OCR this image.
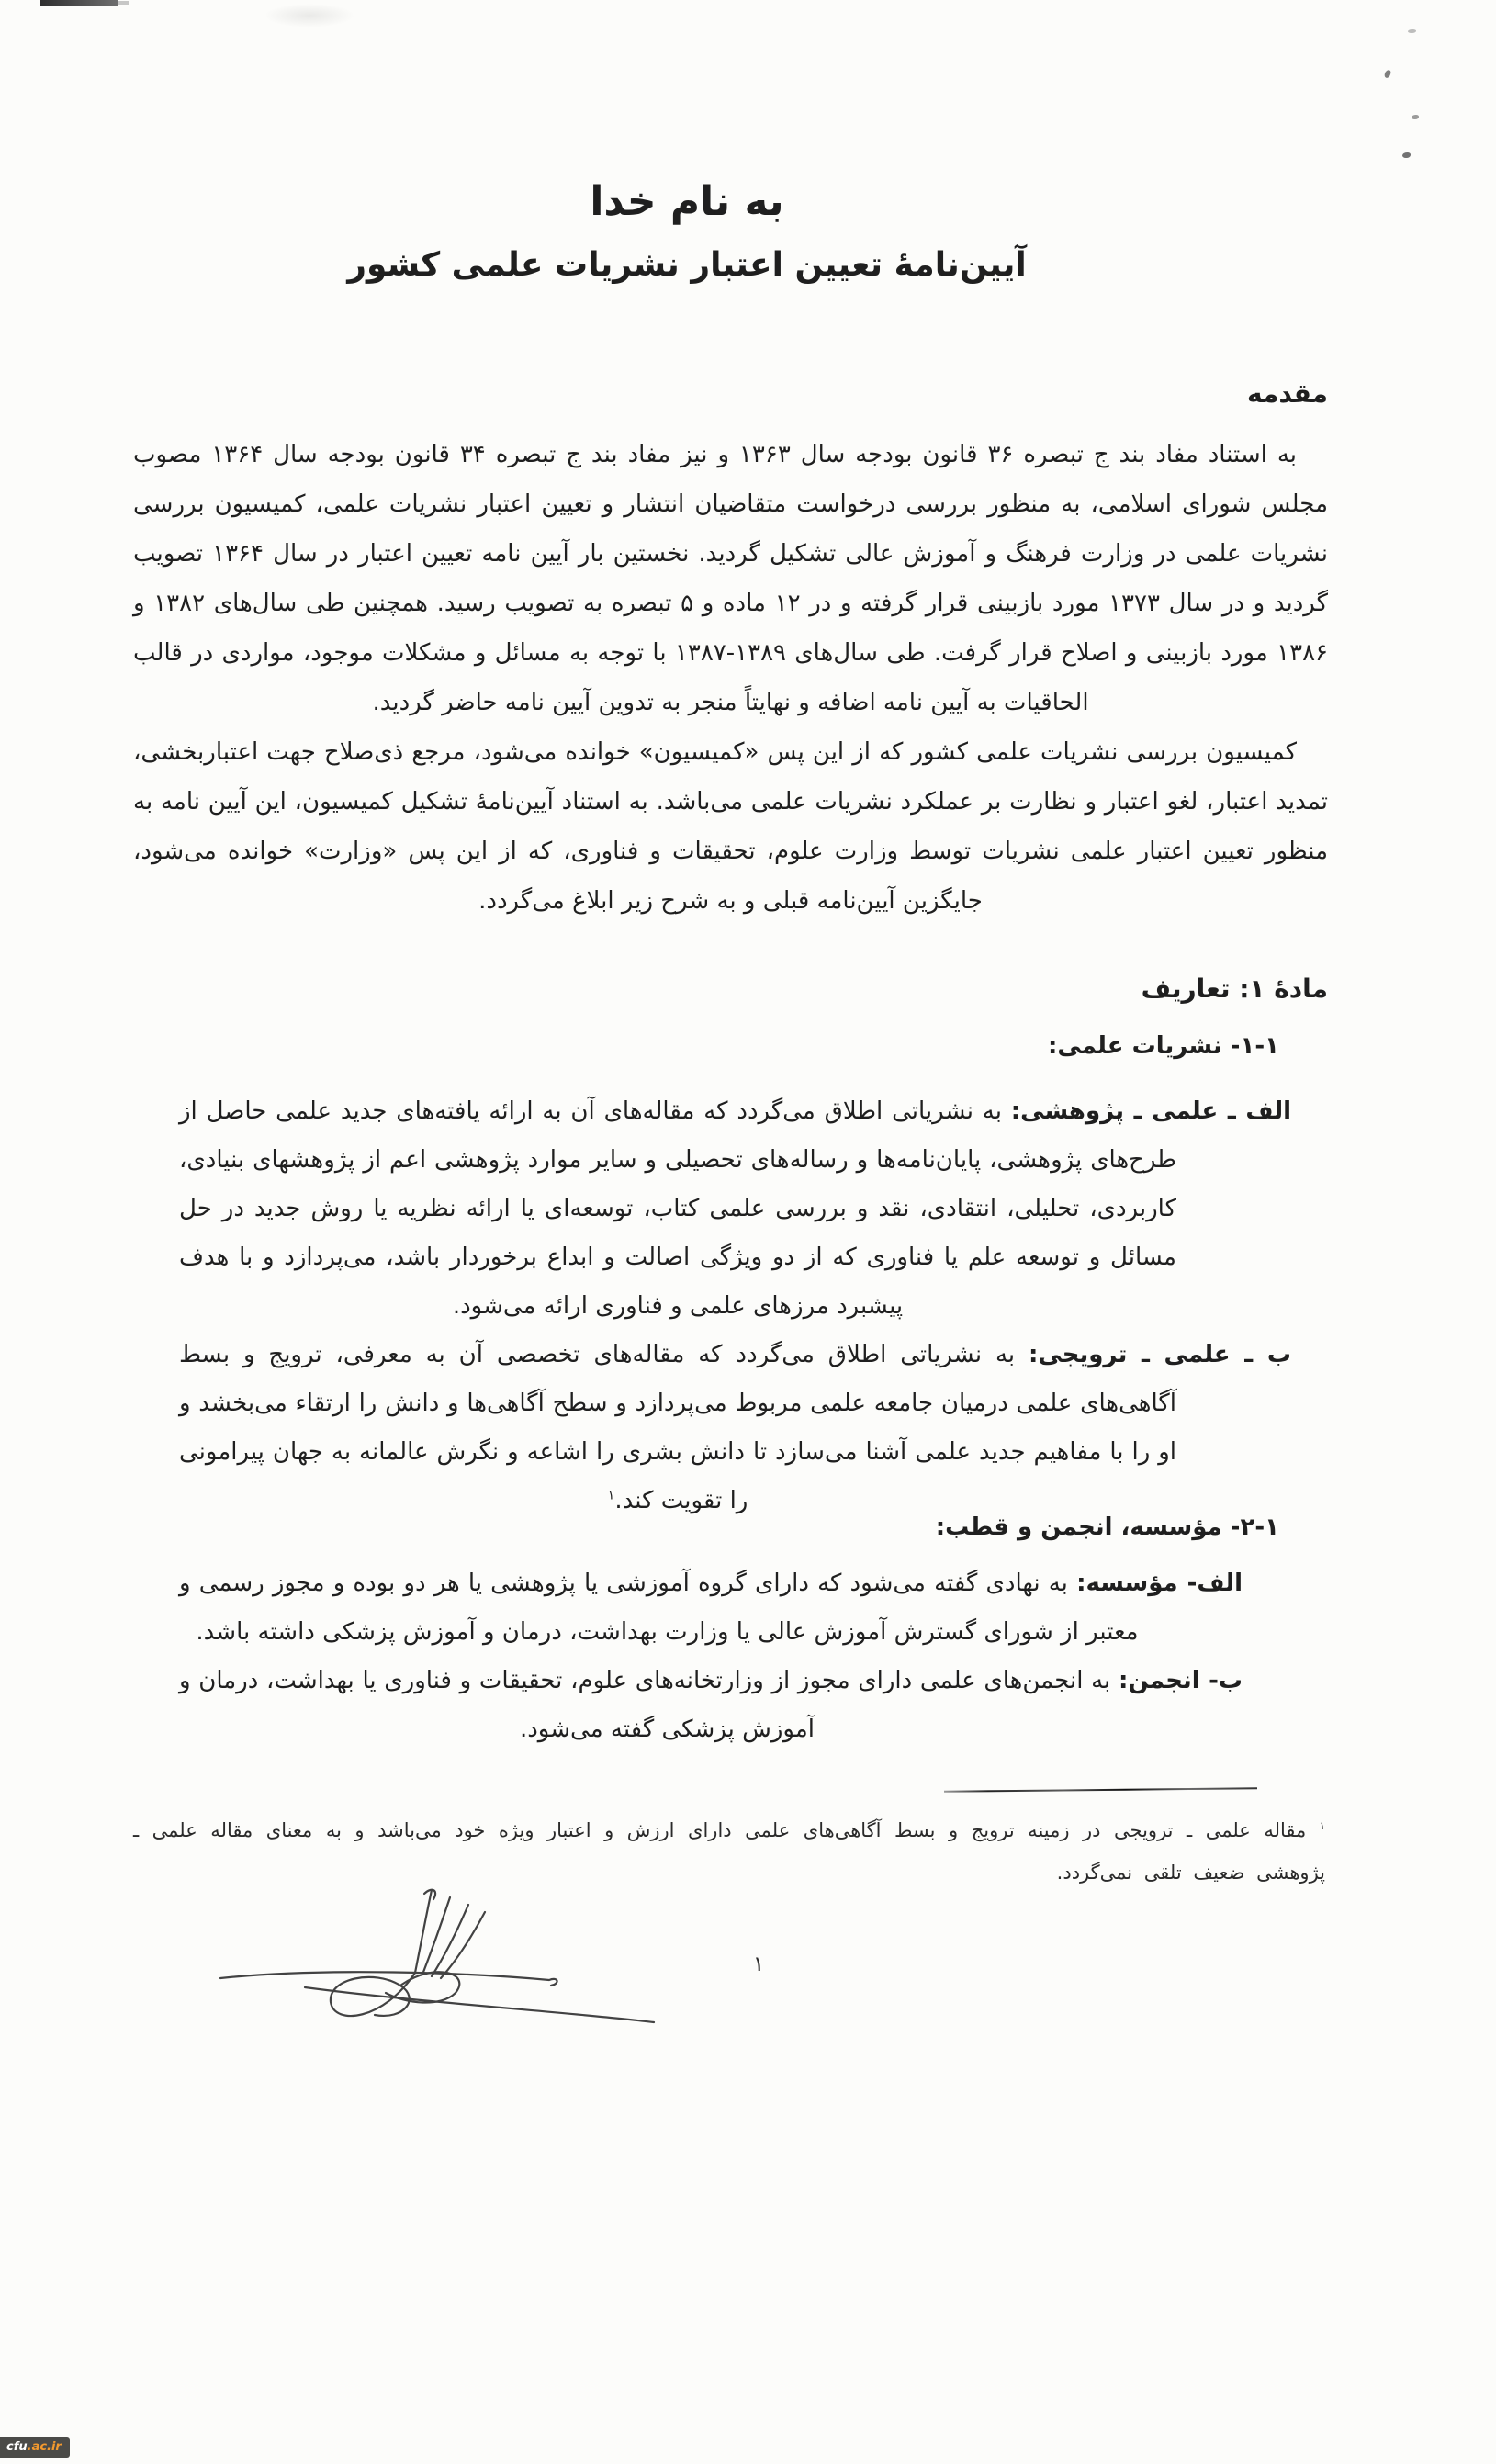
به نام خدا
آیین‌نامۀ تعیین اعتبار نشریات علمی کشور
مقدمه

به استناد مفاد بند ج تبصره ۳۶ قانون بودجه سال ۱۳۶۳ و نیز مفاد بند ج تبصره ۳۴ قانون بودجه سال ۱۳۶۴ مصوب مجلس شورای اسلامی، به منظور بررسی درخواست متقاضیان انتشار و تعیین اعتبار نشریات علمی، کمیسیون بررسی نشریات علمی در وزارت فرهنگ و آموزش عالی تشکیل گردید. نخستین بار آیین نامه تعیین اعتبار در سال ۱۳۶۴ تصویب گردید و در سال ۱۳۷۳ مورد بازبینی قرار گرفته و در ۱۲ ماده و ۵ تبصره به تصویب رسید. همچنین طی سال‌های ۱۳۸۲ و ۱۳۸۶ مورد بازبینی و اصلاح قرار گرفت. طی سال‌های ۱۳۸۹-۱۳۸۷ با توجه به مسائل و مشکلات موجود، مواردی در قالب الحاقیات به آیین نامه اضافه و نهایتاً منجر به تدوین آیین نامه حاضر گردید.

کمیسیون بررسی نشریات علمی کشور که از این پس «کمیسیون» خوانده می‌شود، مرجع ذی‌صلاح جهت اعتباربخشی، تمدید اعتبار، لغو اعتبار و نظارت بر عملکرد نشریات علمی می‌باشد. به استناد آیین‌نامۀ تشکیل کمیسیون، این آیین نامه به منظور تعیین اعتبار علمی نشریات توسط وزارت علوم، تحقیقات و فناوری، که از این پس «وزارت» خوانده می‌شود، جایگزین آیین‌نامه قبلی و به شرح زیر ابلاغ می‌گردد.

مادۀ ۱: تعاریف
۱-۱- نشریات علمی:

الف ـ علمی ـ پژوهشی: به نشریاتی اطلاق می‌گردد که مقاله‌های آن به ارائه یافته‌های جدید علمی حاصل از طرح‌های پژوهشی، پایان‌نامه‌ها و رساله‌های تحصیلی و سایر موارد پژوهشی اعم از پژوهشهای بنیادی، کاربردی، تحلیلی، انتقادی، نقد و بررسی علمی کتاب، توسعه‌ای یا ارائه نظریه یا روش جدید در حل مسائل و توسعه علم یا فناوری که از دو ویژگی اصالت و ابداع برخوردار باشد، می‌پردازد و با هدف پیشبرد مرزهای علمی و فناوری ارائه می‌شود.

ب ـ علمی ـ ترویجی: به نشریاتی اطلاق می‌گردد که مقاله‌های تخصصی آن به معرفی، ترویج و بسط آگاهی‌های علمی درمیان جامعه علمی مربوط می‌پردازد و سطح آگاهی‌ها و دانش را ارتقاء می‌بخشد و او را با مفاهیم جدید علمی آشنا می‌سازد تا دانش بشری را اشاعه و نگرش عالمانه به جهان پیرامونی را تقویت کند.$^۱$

۲-۱- مؤسسه، انجمن و قطب:

الف- مؤسسه: به نهادی گفته می‌شود که دارای گروه آموزشی یا پژوهشی یا هر دو بوده و مجوز رسمی و معتبر از شورای گسترش آموزش عالی یا وزارت بهداشت، درمان و آموزش پزشکی داشته باشد.

ب- انجمن: به انجمن‌های علمی دارای مجوز از وزارتخانه‌های علوم، تحقیقات و فناوری یا بهداشت، درمان و آموزش پزشکی گفته می‌شود.

$^۱$ مقاله علمی ـ ترویجی در زمینه ترویج و بسط آگاهی‌های علمی دارای ارزش و اعتبار ویژه خود می‌باشد و به معنای مقاله علمی ـ پژوهشی ضعیف تلقی نمی‌گردد.

۱
cfu.ac.ir
